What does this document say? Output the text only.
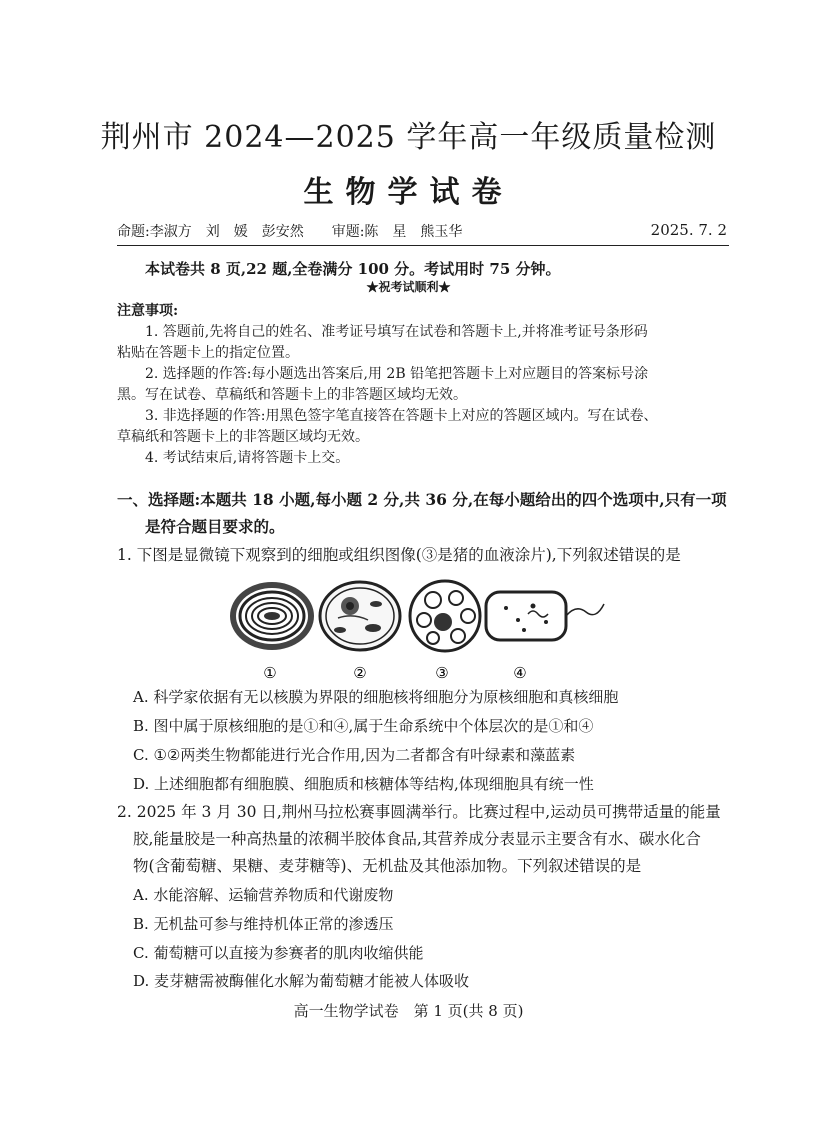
荆州市 2024—2025 学年高一年级质量检测
生物学试卷
命题:李淑方　刘　媛　彭安然　　审题:陈　星　熊玉华	2025. 7. 2
本试卷共 8 页,22 题,全卷满分 100 分。考试用时 75 分钟。
★祝考试顺利★
注意事项:
1. 答题前,先将自己的姓名、准考证号填写在试卷和答题卡上,并将准考证号条形码
粘贴在答题卡上的指定位置。
2. 选择题的作答:每小题选出答案后,用 2B 铅笔把答题卡上对应题目的答案标号涂
黑。写在试卷、草稿纸和答题卡上的非答题区域均无效。
3. 非选择题的作答:用黑色签字笔直接答在答题卡上对应的答题区域内。写在试卷、
草稿纸和答题卡上的非答题区域均无效。
4. 考试结束后,请将答题卡上交。
一、选择题:本题共 18 小题,每小题 2 分,共 36 分,在每小题给出的四个选项中,只有一项
是符合题目要求的。
1. 下图是显微镜下观察到的细胞或组织图像(③是猪的血液涂片),下列叙述错误的是
①	②	③	④
A. 科学家依据有无以核膜为界限的细胞核将细胞分为原核细胞和真核细胞
B. 图中属于原核细胞的是①和④,属于生命系统中个体层次的是①和④
C. ①②两类生物都能进行光合作用,因为二者都含有叶绿素和藻蓝素
D. 上述细胞都有细胞膜、细胞质和核糖体等结构,体现细胞具有统一性
2. 2025 年 3 月 30 日,荆州马拉松赛事圆满举行。比赛过程中,运动员可携带适量的能量
胶,能量胶是一种高热量的浓稠半胶体食品,其营养成分表显示主要含有水、碳水化合
物(含葡萄糖、果糖、麦芽糖等)、无机盐及其他添加物。下列叙述错误的是
A. 水能溶解、运输营养物质和代谢废物
B. 无机盐可参与维持机体正常的渗透压
C. 葡萄糖可以直接为参赛者的肌肉收缩供能
D. 麦芽糖需被酶催化水解为葡萄糖才能被人体吸收
高一生物学试卷　第 1 页(共 8 页)
